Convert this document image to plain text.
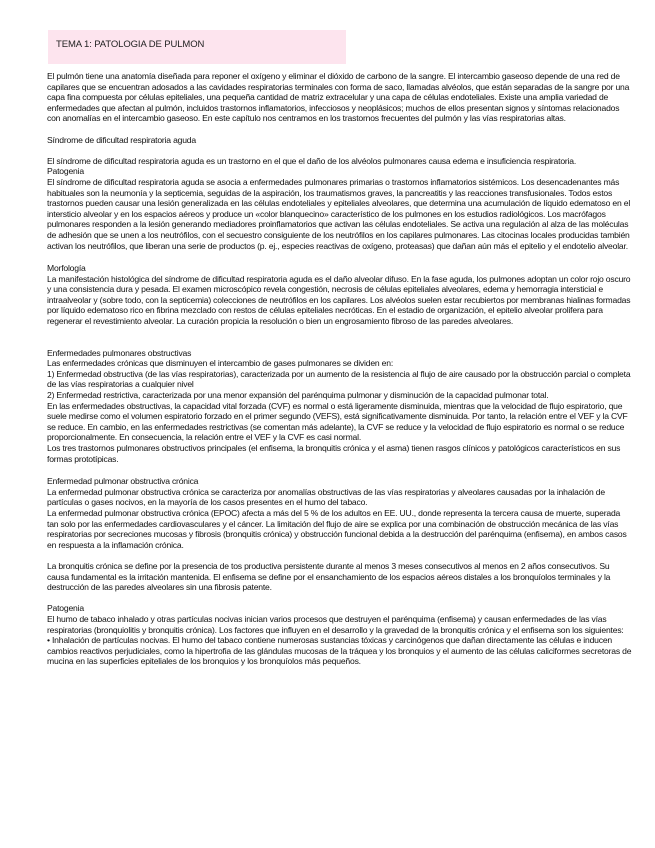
TEMA 1: PATOLOGIA DE PULMON

El pulmón tiene una anatomía diseñada para reponer el oxígeno y eliminar el dióxido de carbono de la sangre. El intercambio gaseoso depende de una red de capilares que se encuentran adosados a las cavidades respiratorias terminales con forma de saco, llamadas alvéolos, que están separadas de la sangre por una capa fina compuesta por células epiteliales, una pequeña cantidad de matriz extracelular y una capa de células endoteliales. Existe una amplia variedad de enfermedades que afectan al pulmón, incluidos trastornos inflamatorios, infecciosos y neoplásicos; muchos de ellos presentan signos y síntomas relacionados con anomalías en el intercambio gaseoso. En este capítulo nos centramos en los trastornos frecuentes del pulmón y las vías respiratorias altas.

Síndrome de dificultad respiratoria aguda

El síndrome de dificultad respiratoria aguda es un trastorno en el que el daño de los alvéolos pulmonares causa edema e insuficiencia respiratoria.

Patogenia

El síndrome de dificultad respiratoria aguda se asocia a enfermedades pulmonares primarias o trastornos inflamatorios sistémicos. Los desencadenantes más habituales son la neumonía y la septicemia, seguidas de la aspiración, los traumatismos graves, la pancreatitis y las reacciones transfusionales. Todos estos trastornos pueden causar una lesión generalizada en las células endoteliales y epiteliales alveolares, que determina una acumulación de líquido edematoso en el intersticio alveolar y en los espacios aéreos y produce un «color blanquecino» característico de los pulmones en los estudios radiológicos. Los macrófagos pulmonares responden a la lesión generando mediadores proinflamatorios que activan las células endoteliales. Se activa una regulación al alza de las moléculas de adhesión que se unen a los neutrófilos, con el secuestro consiguiente de los neutrófilos en los capilares pulmonares. Las citocinas locales producidas también activan los neutrófilos, que liberan una serie de productos (p. ej., especies reactivas de oxígeno, proteasas) que dañan aún más el epitelio y el endotelio alveolar.

Morfología

La manifestación histológica del síndrome de dificultad respiratoria aguda es el daño alveolar difuso. En la fase aguda, los pulmones adoptan un color rojo oscuro y una consistencia dura y pesada. El examen microscópico revela congestión, necrosis de células epiteliales alveolares, edema y hemorragia intersticial e intraalveolar y (sobre todo, con la septicemia) colecciones de neutrófilos en los capilares. Los alvéolos suelen estar recubiertos por membranas hialinas formadas por líquido edematoso rico en fibrina mezclado con restos de células epiteliales necróticas. En el estadio de organización, el epitelio alveolar prolifera para regenerar el revestimiento alveolar. La curación propicia la resolución o bien un engrosamiento fibroso de las paredes alveolares.

Enfermedades pulmonares obstructivas

Las enfermedades crónicas que disminuyen el intercambio de gases pulmonares se dividen en:

1) Enfermedad obstructiva (de las vías respiratorias), caracterizada por un aumento de la resistencia al flujo de aire causado por la obstrucción parcial o completa de las vías respiratorias a cualquier nivel

2) Enfermedad restrictiva, caracterizada por una menor expansión del parénquima pulmonar y disminución de la capacidad pulmonar total.

En las enfermedades obstructivas, la capacidad vital forzada (CVF) es normal o está ligeramente disminuida, mientras que la velocidad de flujo espiratorio, que suele medirse como el volumen espiratorio forzado en el primer segundo (VEFS), está significativamente disminuida. Por tanto, la relación entre el VEF y la CVF se reduce. En cambio, en las enfermedades restrictivas (se comentan más adelante), la CVF se reduce y la velocidad de flujo espiratorio es normal o se reduce proporcionalmente. En consecuencia, la relación entre el VEF y la CVF es casi normal.

Los tres trastornos pulmonares obstructivos principales (el enfisema, la bronquitis crónica y el asma) tienen rasgos clínicos y patológicos característicos en sus formas prototípicas.

Enfermedad pulmonar obstructiva crónica

La enfermedad pulmonar obstructiva crónica se caracteriza por anomalías obstructivas de las vías respiratorias y alveolares causadas por la inhalación de partículas o gases nocivos, en la mayoría de los casos presentes en el humo del tabaco.

La enfermedad pulmonar obstructiva crónica (EPOC) afecta a más del 5 % de los adultos en EE. UU., donde representa la tercera causa de muerte, superada tan solo por las enfermedades cardiovasculares y el cáncer. La limitación del flujo de aire se explica por una combinación de obstrucción mecánica de las vías respiratorias por secreciones mucosas y fibrosis (bronquitis crónica) y obstrucción funcional debida a la destrucción del parénquima (enfisema), en ambos casos en respuesta a la inflamación crónica.

La bronquitis crónica se define por la presencia de tos productiva persistente durante al menos 3 meses consecutivos al menos en 2 años consecutivos. Su causa fundamental es la irritación mantenida. El enfisema se define por el ensanchamiento de los espacios aéreos distales a los bronquíolos terminales y la destrucción de las paredes alveolares sin una fibrosis patente.

Patogenia

El humo de tabaco inhalado y otras partículas nocivas inician varios procesos que destruyen el parénquima (enfisema) y causan enfermedades de las vías respiratorias (bronquiolitis y bronquitis crónica). Los factores que influyen en el desarrollo y la gravedad de la bronquitis crónica y el enfisema son los siguientes:

• Inhalación de partículas nocivas. El humo del tabaco contiene numerosas sustancias tóxicas y carcinógenos que dañan directamente las células e inducen cambios reactivos perjudiciales, como la hipertrofia de las glándulas mucosas de la tráquea y los bronquios y el aumento de las células caliciformes secretoras de mucina en las superficies epiteliales de los bronquios y los bronquíolos más pequeños.
